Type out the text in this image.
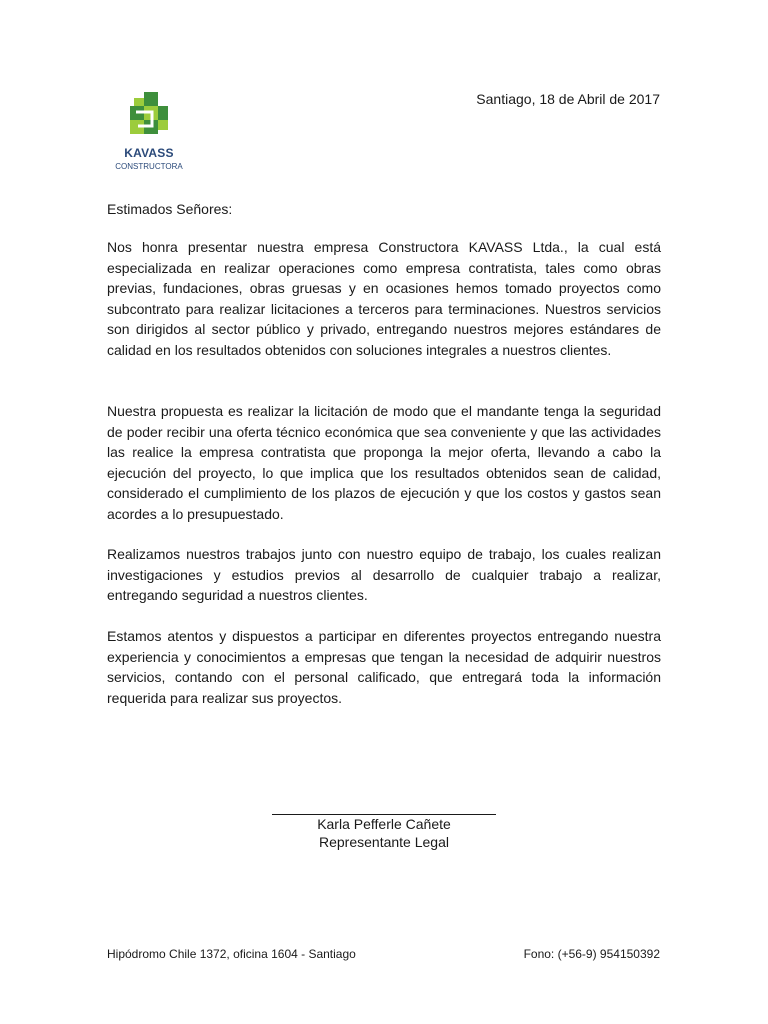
KAVASS
CONSTRUCTORA
Santiago, 18 de Abril de 2017
Estimados Señores:

Nos honra presentar nuestra empresa Constructora KAVASS Ltda., la cual está especializada en realizar operaciones como empresa contratista, tales como obras previas, fundaciones, obras gruesas y en ocasiones hemos tomado proyectos como subcontrato para realizar licitaciones a terceros para terminaciones. Nuestros servicios son dirigidos al sector público y privado, entregando nuestros mejores estándares de calidad en los resultados obtenidos con soluciones integrales a nuestros clientes.

Nuestra propuesta es realizar la licitación de modo que el mandante tenga la seguridad de poder recibir una oferta técnico económica que sea conveniente y que las actividades las realice la empresa contratista que proponga la mejor oferta, llevando a cabo la ejecución del proyecto, lo que implica que los resultados obtenidos sean de calidad, considerado el cumplimiento de los plazos de ejecución y que los costos y gastos sean acordes a lo presupuestado.

Realizamos nuestros trabajos junto con nuestro equipo de trabajo, los cuales realizan investigaciones y estudios previos al desarrollo de cualquier trabajo a realizar, entregando seguridad a nuestros clientes.

Estamos atentos y dispuestos a participar en diferentes proyectos entregando nuestra experiencia y conocimientos a empresas que tengan la necesidad de adquirir nuestros servicios, contando con el personal calificado, que entregará toda la información requerida para realizar sus proyectos.

Karla Pefferle Cañete
Representante Legal
Hipódromo Chile 1372, oficina 1604 - Santiago	Fono: (+56-9) 954150392
